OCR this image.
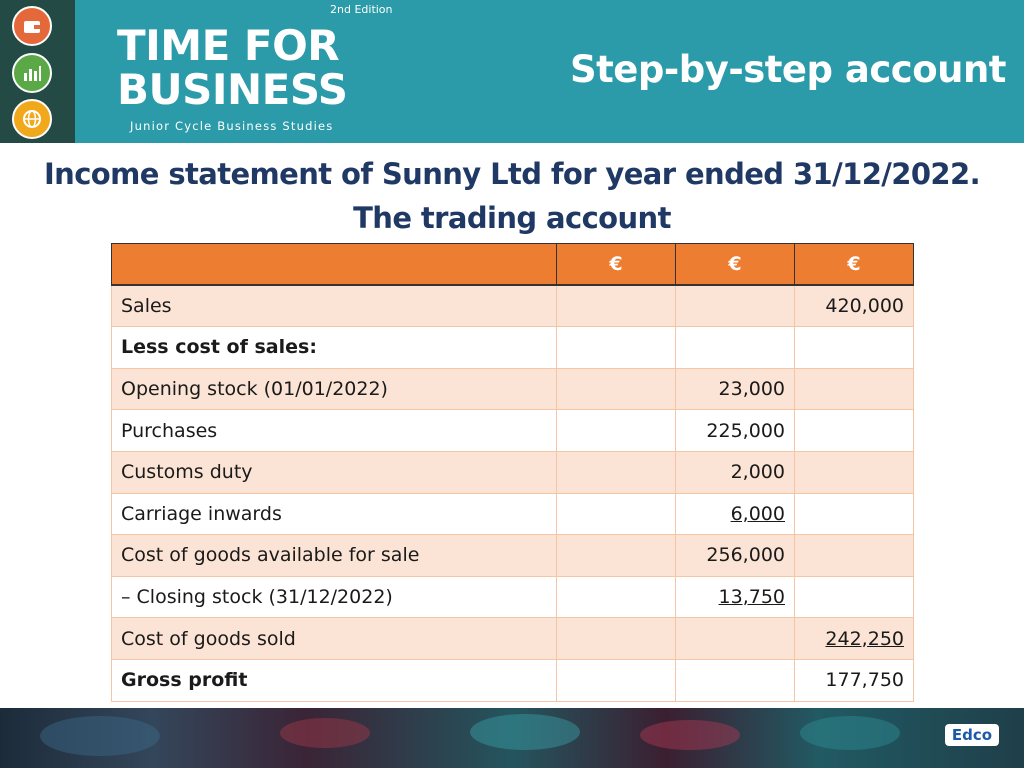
2nd Edition
TIME FOR
BUSINESS
Junior Cycle Business Studies
Step-by-step account
Income statement of Sunny Ltd for year ended 31/12/2022.
The trading account
	€	€	€
Sales			420,000
Less cost of sales:			
Opening stock (01/01/2022)		23,000	
Purchases		225,000	
Customs duty		2,000	
Carriage inwards		6,000	
Cost of goods available for sale		256,000	
– Closing stock (31/12/2022)		13,750	
Cost of goods sold			242,250
Gross profit			177,750
Edco
